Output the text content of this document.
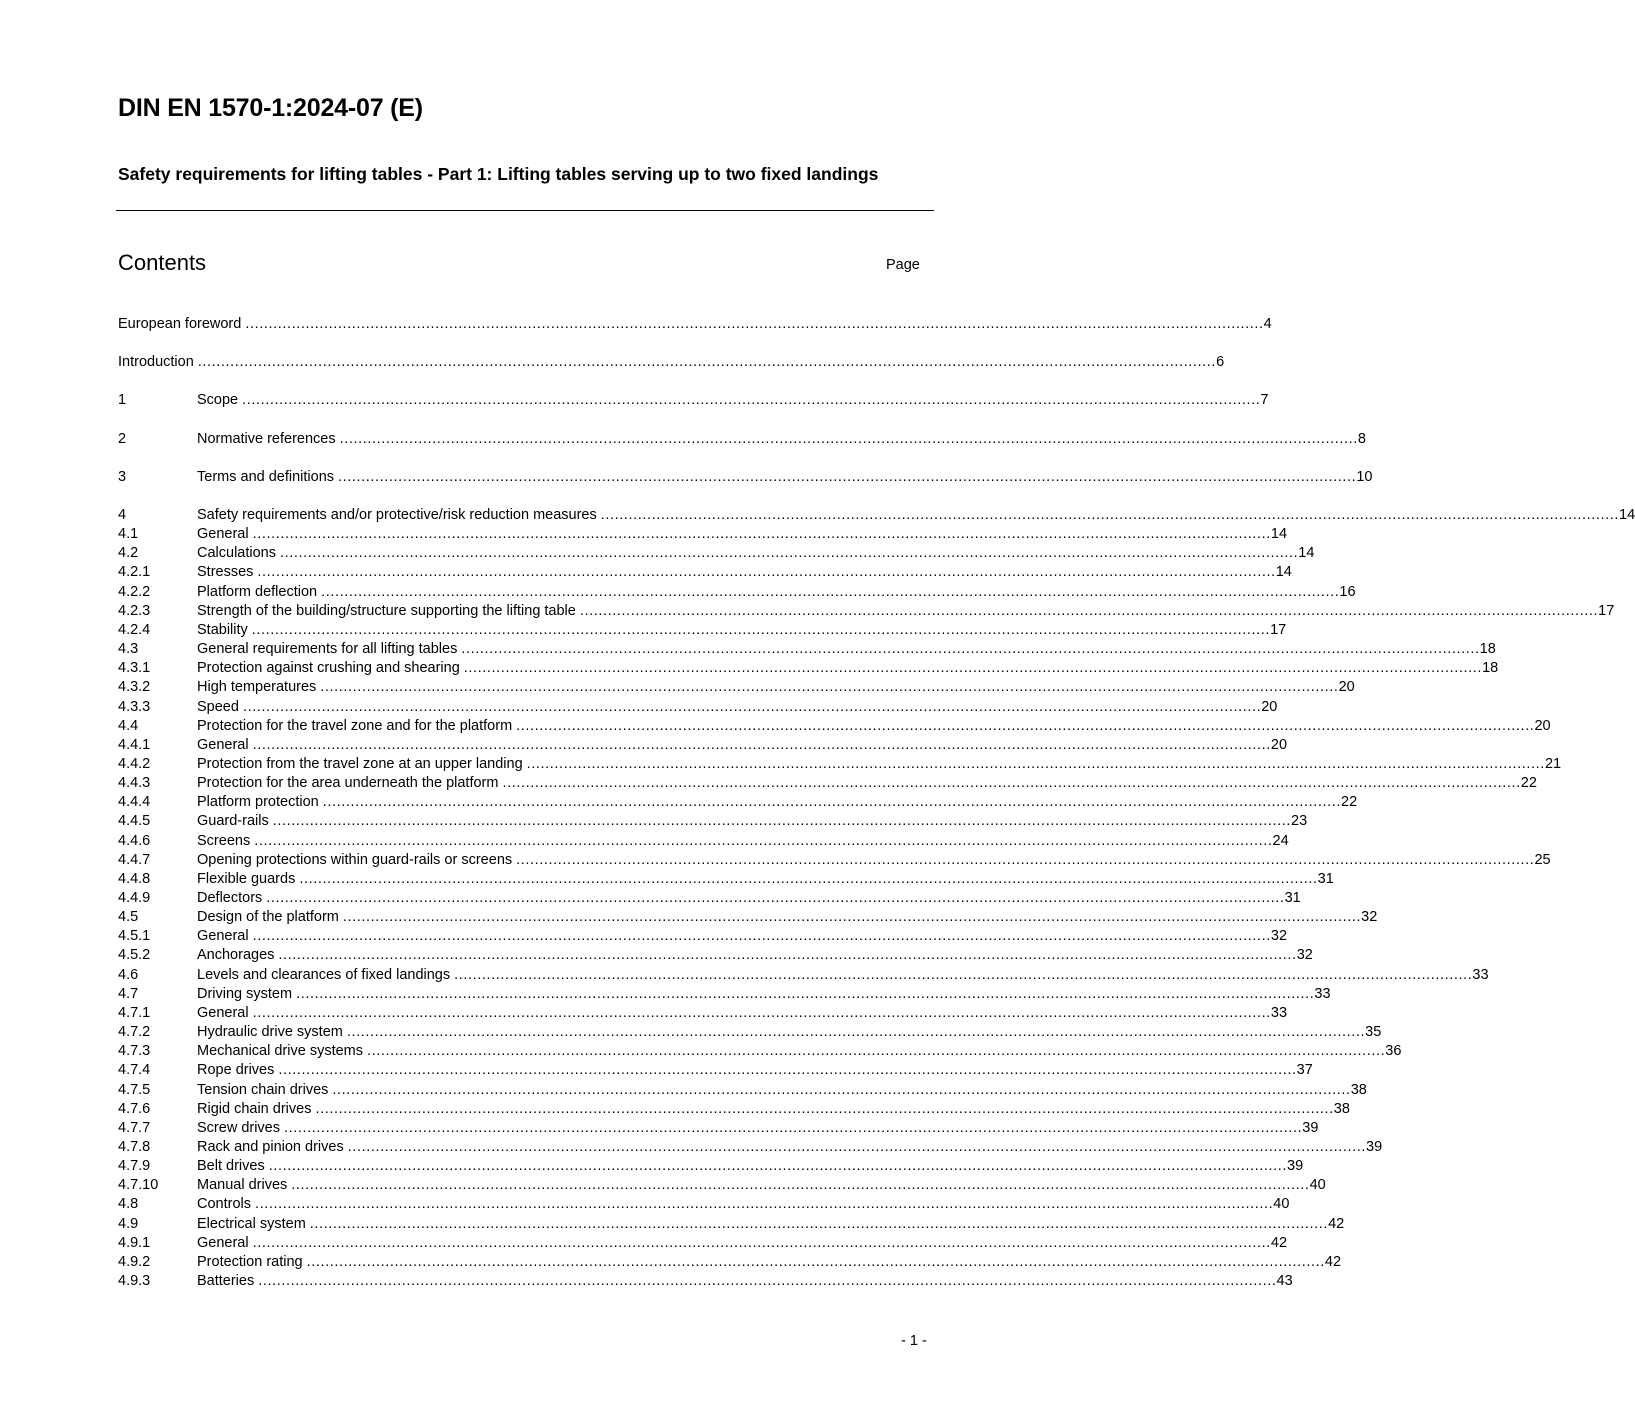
DIN EN 1570-1:2024-07 (E)
Safety requirements for lifting tables - Part 1: Lifting tables serving up to two fixed landings
Contents	Page
European foreword ............................................................................................................................................................................................................................ 4
Introduction ............................................................................................................................................................................................................................ 6
1	Scope ............................................................................................................................................................................................................................ 7
2	Normative references ............................................................................................................................................................................................................................ 8
3	Terms and definitions ............................................................................................................................................................................................................................ 10
4	Safety requirements and/or protective/risk reduction measures ............................................................................................................................................................................................................................ 14
4.1	General ............................................................................................................................................................................................................................ 14
4.2	Calculations ............................................................................................................................................................................................................................ 14
4.2.1	Stresses ............................................................................................................................................................................................................................ 14
4.2.2	Platform deflection ............................................................................................................................................................................................................................ 16
4.2.3	Strength of the building/structure supporting the lifting table ............................................................................................................................................................................................................................ 17
4.2.4	Stability ............................................................................................................................................................................................................................ 17
4.3	General requirements for all lifting tables ............................................................................................................................................................................................................................ 18
4.3.1	Protection against crushing and shearing ............................................................................................................................................................................................................................ 18
4.3.2	High temperatures ............................................................................................................................................................................................................................ 20
4.3.3	Speed ............................................................................................................................................................................................................................ 20
4.4	Protection for the travel zone and for the platform ............................................................................................................................................................................................................................ 20
4.4.1	General ............................................................................................................................................................................................................................ 20
4.4.2	Protection from the travel zone at an upper landing ............................................................................................................................................................................................................................ 21
4.4.3	Protection for the area underneath the platform ............................................................................................................................................................................................................................ 22
4.4.4	Platform protection ............................................................................................................................................................................................................................ 22
4.4.5	Guard-rails ............................................................................................................................................................................................................................ 23
4.4.6	Screens ............................................................................................................................................................................................................................ 24
4.4.7	Opening protections within guard-rails or screens ............................................................................................................................................................................................................................ 25
4.4.8	Flexible guards ............................................................................................................................................................................................................................ 31
4.4.9	Deflectors ............................................................................................................................................................................................................................ 31
4.5	Design of the platform ............................................................................................................................................................................................................................ 32
4.5.1	General ............................................................................................................................................................................................................................ 32
4.5.2	Anchorages ............................................................................................................................................................................................................................ 32
4.6	Levels and clearances of fixed landings ............................................................................................................................................................................................................................ 33
4.7	Driving system ............................................................................................................................................................................................................................ 33
4.7.1	General ............................................................................................................................................................................................................................ 33
4.7.2	Hydraulic drive system ............................................................................................................................................................................................................................ 35
4.7.3	Mechanical drive systems ............................................................................................................................................................................................................................ 36
4.7.4	Rope drives ............................................................................................................................................................................................................................ 37
4.7.5	Tension chain drives ............................................................................................................................................................................................................................ 38
4.7.6	Rigid chain drives ............................................................................................................................................................................................................................ 38
4.7.7	Screw drives ............................................................................................................................................................................................................................ 39
4.7.8	Rack and pinion drives ............................................................................................................................................................................................................................ 39
4.7.9	Belt drives ............................................................................................................................................................................................................................ 39
4.7.10	Manual drives ............................................................................................................................................................................................................................ 40
4.8	Controls ............................................................................................................................................................................................................................ 40
4.9	Electrical system ............................................................................................................................................................................................................................ 42
4.9.1	General ............................................................................................................................................................................................................................ 42
4.9.2	Protection rating ............................................................................................................................................................................................................................ 42
4.9.3	Batteries ............................................................................................................................................................................................................................ 43
- 1 -
